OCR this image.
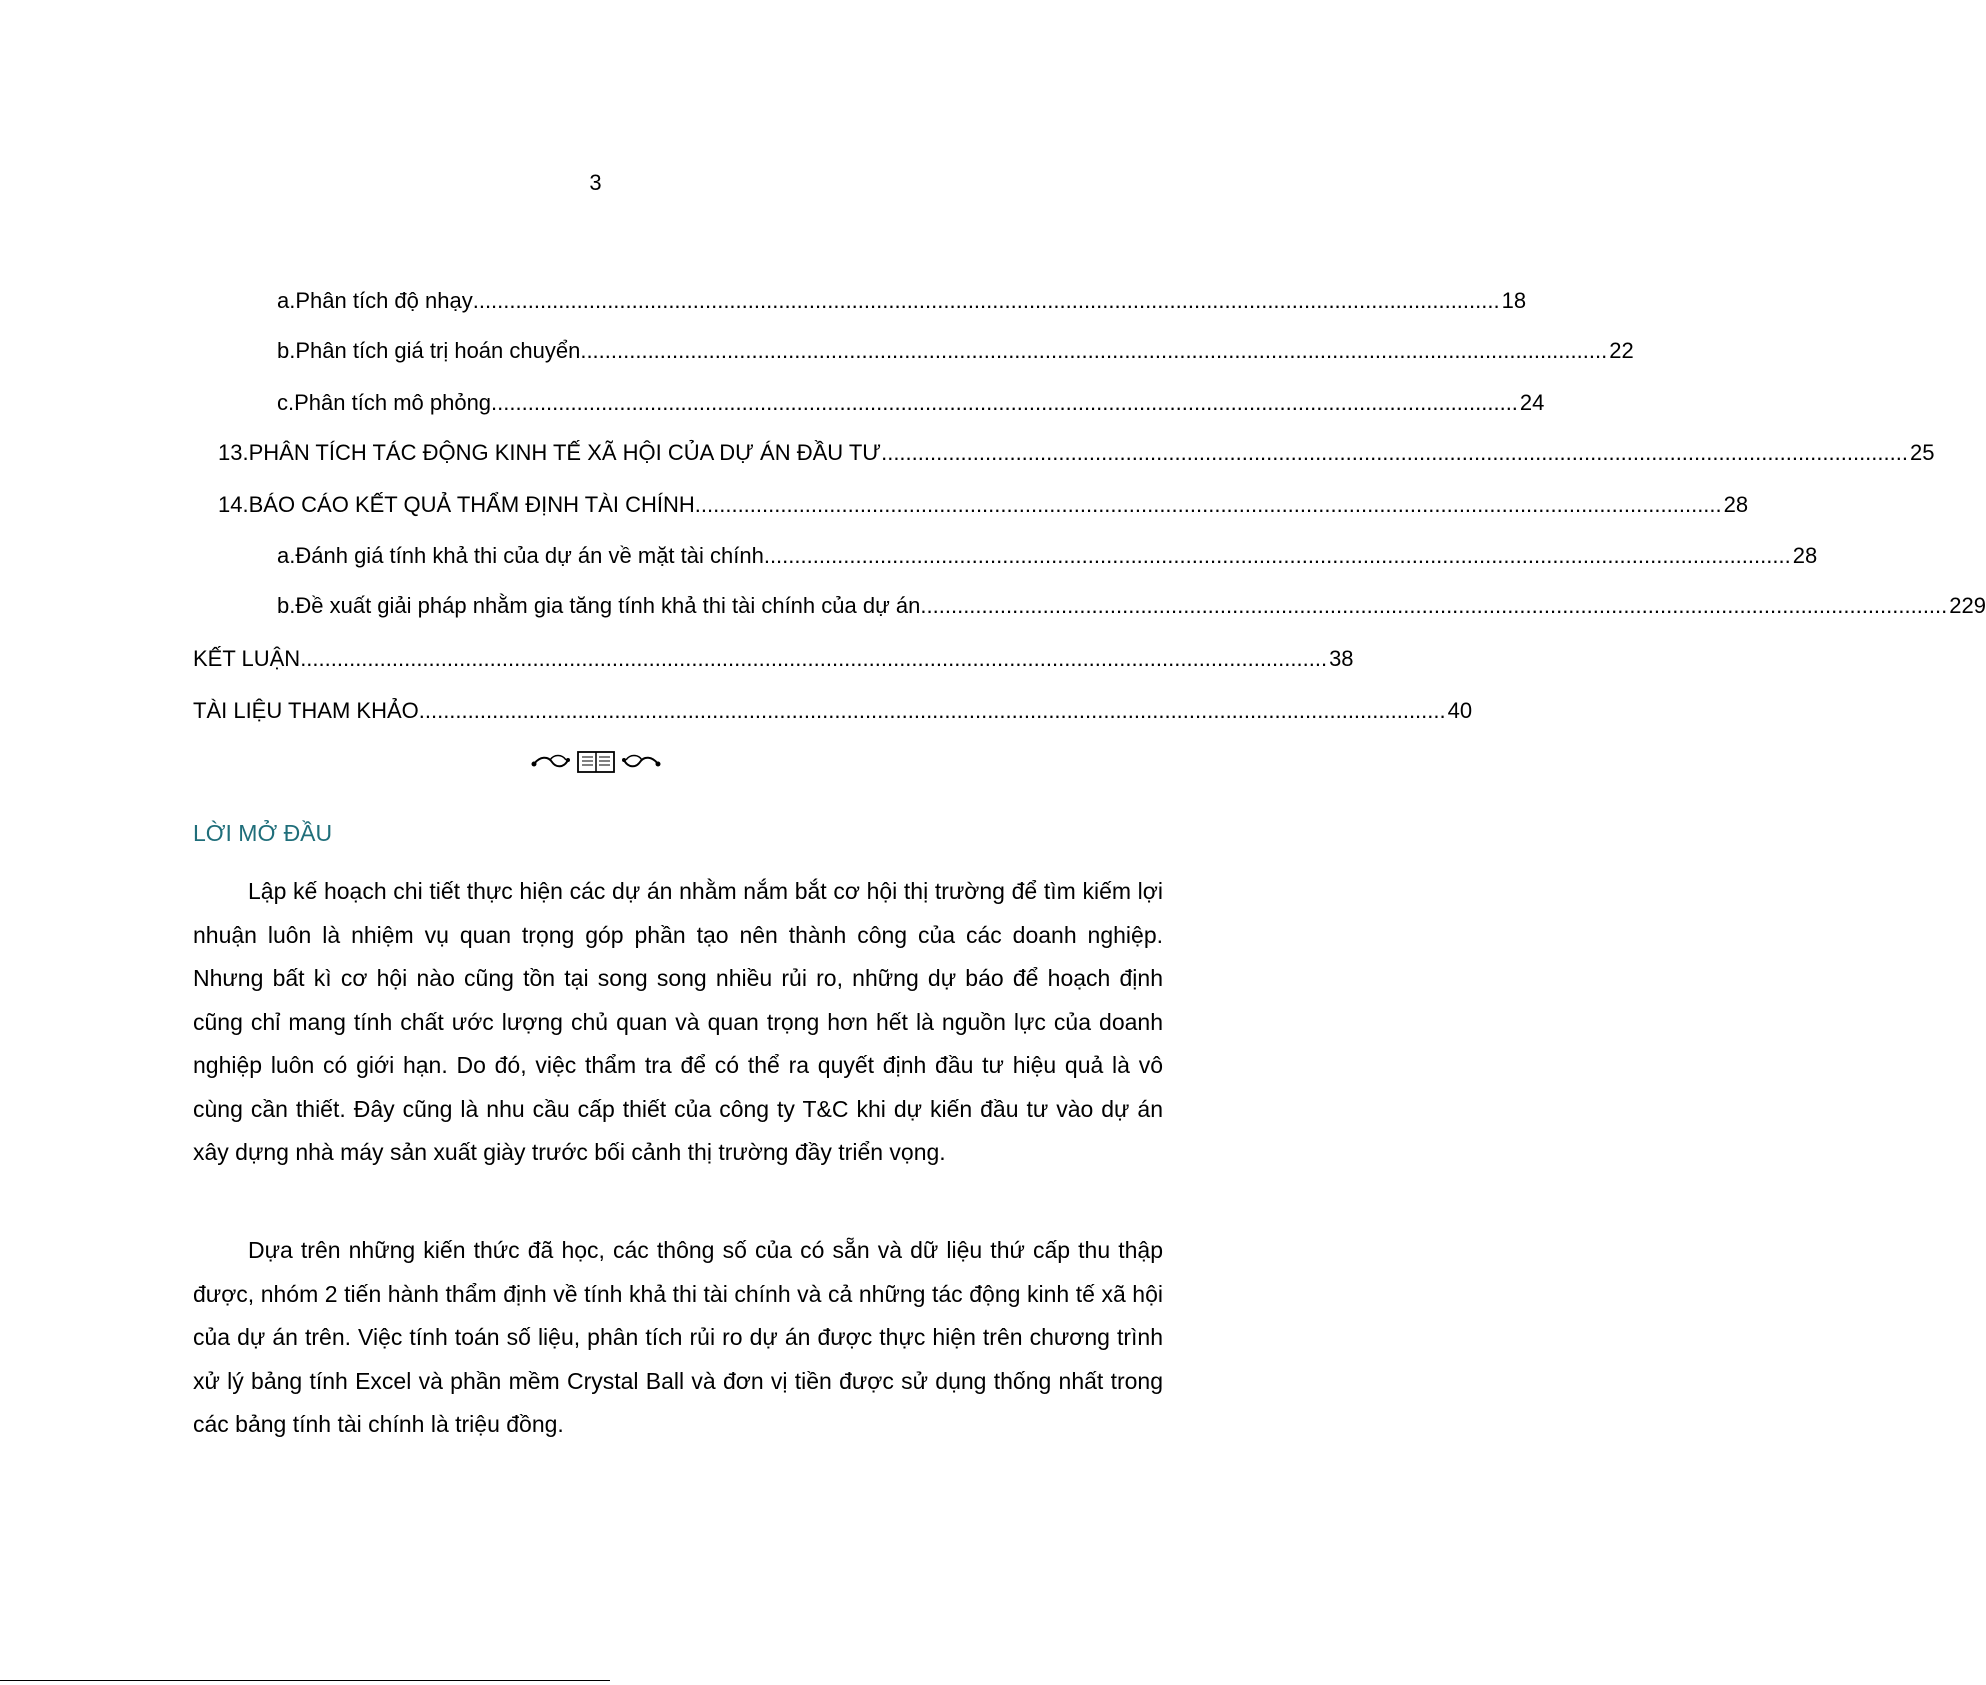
3
a. Phân tích độ nhạy ........................................................................................................................................................................ 18
b. Phân tích giá trị hoán chuyển ........................................................................................................................................................................ 22
c. Phân tích mô phỏng ........................................................................................................................................................................ 24
13. PHÂN TÍCH TÁC ĐỘNG KINH TẾ XÃ HỘI CỦA DỰ ÁN ĐẦU TƯ ........................................................................................................................................................................ 25
14. BÁO CÁO KẾT QUẢ THẨM ĐỊNH TÀI CHÍNH ........................................................................................................................................................................ 28
a. Đánh giá tính khả thi của dự án về mặt tài chính ........................................................................................................................................................................ 28
b. Đề xuất giải pháp nhằm gia tăng tính khả thi tài chính của dự án ........................................................................................................................................................................ 229
KẾT LUẬN ........................................................................................................................................................................ 38
TÀI LIỆU THAM KHẢO ........................................................................................................................................................................ 40
LỜI MỞ ĐẦU

Lập kế hoạch chi tiết thực hiện các dự án nhằm nắm bắt cơ hội thị trường để tìm kiếm lợi nhuận luôn là nhiệm vụ quan trọng góp phần tạo nên thành công của các doanh nghiệp. Nhưng bất kì cơ hội nào cũng tồn tại song song nhiều rủi ro, những dự báo để hoạch định cũng chỉ mang tính chất ước lượng chủ quan và quan trọng hơn hết là nguồn lực của doanh nghiệp luôn có giới hạn. Do đó, việc thẩm tra để có thể ra quyết định đầu tư hiệu quả là vô cùng cần thiết. Đây cũng là nhu cầu cấp thiết của công ty T&C khi dự kiến đầu tư vào dự án xây dựng nhà máy sản xuất giày trước bối cảnh thị trường đầy triển vọng.

Dựa trên những kiến thức đã học, các thông số của có sẵn và dữ liệu thứ cấp thu thập được, nhóm 2 tiến hành thẩm định về tính khả thi tài chính và cả những tác động kinh tế xã hội của dự án trên. Việc tính toán số liệu, phân tích rủi ro dự án được thực hiện trên chương trình xử lý bảng tính Excel và phần mềm Crystal Ball và đơn vị tiền được sử dụng thống nhất trong các bảng tính tài chính là triệu đồng.
